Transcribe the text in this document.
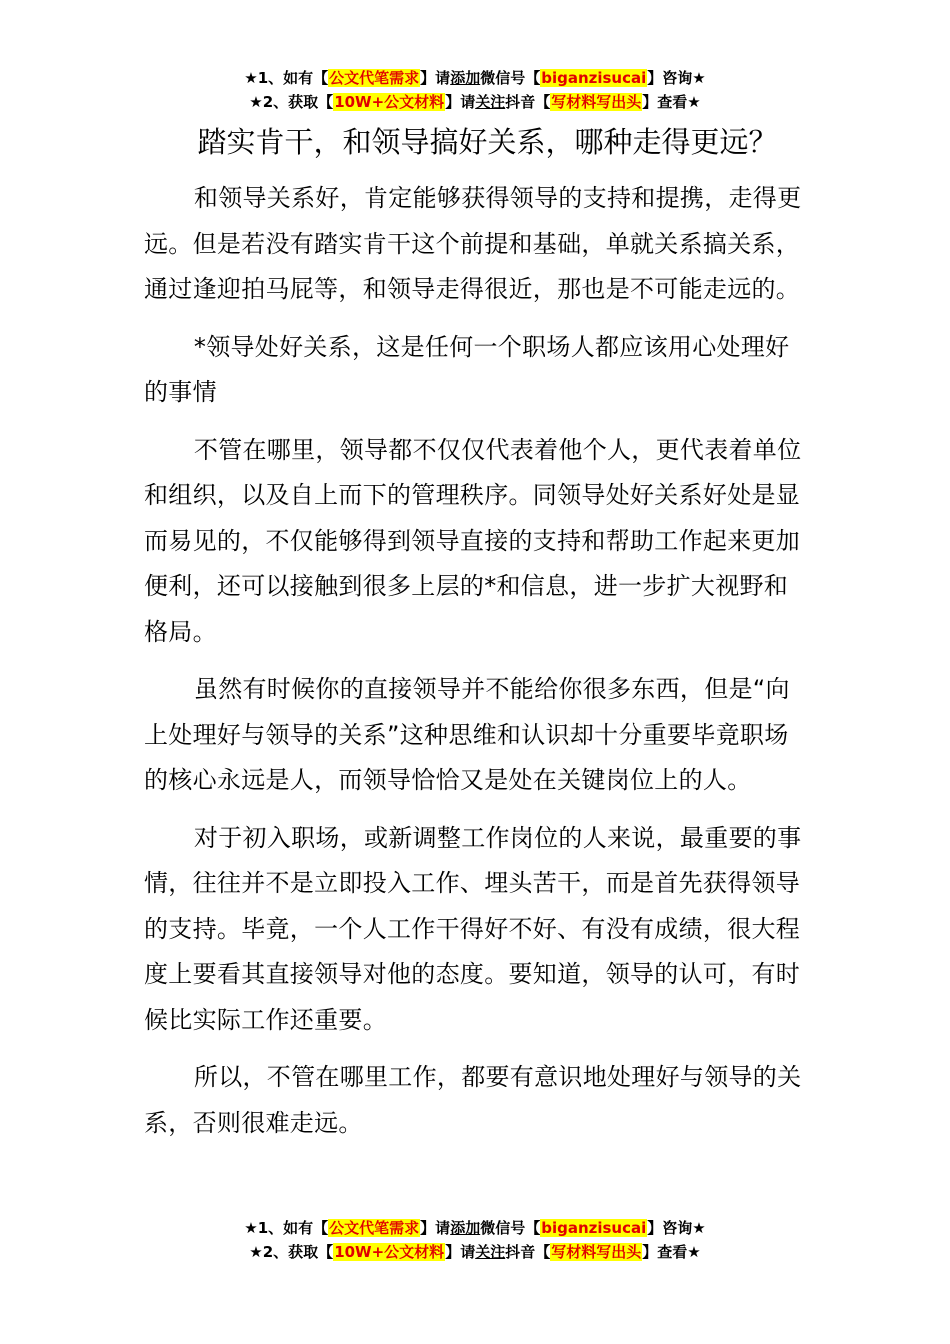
★1、如有【公文代笔需求】请添加微信号【biganzisucai】咨询★
★2、获取【10W+公文材料】请关注抖音【写材料写出头】查看★
踏实肯干，和领导搞好关系，哪种走得更远？

和领导关系好，肯定能够获得领导的支持和提携，走得更远。但是若没有踏实肯干这个前提和基础，单就关系搞关系，通过逢迎拍马屁等，和领导走得很近，那也是不可能走远的。

*领导处好关系，这是任何一个职场人都应该用心处理好的事情

不管在哪里，领导都不仅仅代表着他个人，更代表着单位和组织，以及自上而下的管理秩序。同领导处好关系好处是显而易见的，不仅能够得到领导直接的支持和帮助工作起来更加便利，还可以接触到很多上层的*和信息，进一步扩大视野和格局。

虽然有时候你的直接领导并不能给你很多东西，但是“向上处理好与领导的关系”这种思维和认识却十分重要毕竟职场的核心永远是人，而领导恰恰又是处在关键岗位上的人。

对于初入职场，或新调整工作岗位的人来说，最重要的事情，往往并不是立即投入工作、埋头苦干，而是首先获得领导的支持。毕竟，一个人工作干得好不好、有没有成绩，很大程度上要看其直接领导对他的态度。要知道，领导的认可，有时候比实际工作还重要。

所以，不管在哪里工作，都要有意识地处理好与领导的关系，否则很难走远。

★1、如有【公文代笔需求】请添加微信号【biganzisucai】咨询★
★2、获取【10W+公文材料】请关注抖音【写材料写出头】查看★
